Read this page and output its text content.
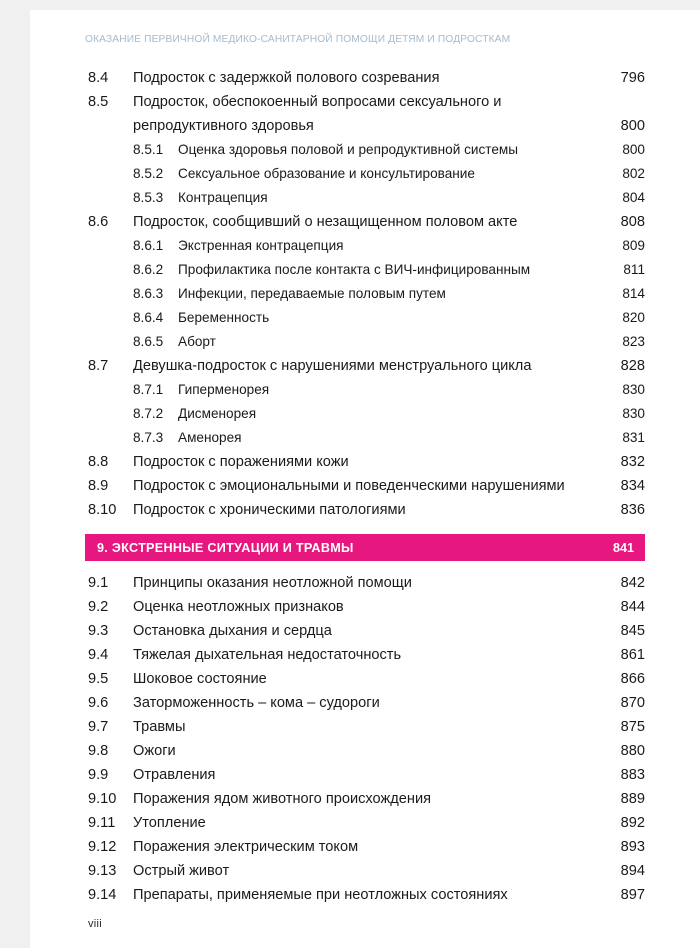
ОКАЗАНИЕ ПЕРВИЧНОЙ МЕДИКО-САНИТАРНОЙ ПОМОЩИ ДЕТЯМ И ПОДРОСТКАМ
8.4	Подросток с задержкой полового созревания	796
8.5	Подросток, обеспокоенный вопросами сексуального и репродуктивного здоровья	800
8.5.1	Оценка здоровья половой и репродуктивной системы	800
8.5.2	Сексуальное образование и консультирование	802
8.5.3	Контрацепция	804
8.6	Подросток, сообщивший о незащищенном половом акте	808
8.6.1	Экстренная контрацепция	809
8.6.2	Профилактика после контакта с ВИЧ-инфицированным	811
8.6.3	Инфекции, передаваемые половым путем	814
8.6.4	Беременность	820
8.6.5	Аборт	823
8.7	Девушка-подросток с нарушениями менструального цикла	828
8.7.1	Гиперменорея	830
8.7.2	Дисменорея	830
8.7.3	Аменорея	831
8.8	Подросток с поражениями кожи	832
8.9	Подросток с эмоциональными и поведенческими нарушениями	834
8.10	Подросток с хроническими патологиями	836
9. ЭКСТРЕННЫЕ СИТУАЦИИ И ТРАВМЫ	841
9.1	Принципы оказания неотложной помощи	842
9.2	Оценка неотложных признаков	844
9.3	Остановка дыхания и сердца	845
9.4	Тяжелая дыхательная недостаточность	861
9.5	Шоковое состояние	866
9.6	Заторможенность – кома – судороги	870
9.7	Травмы	875
9.8	Ожоги	880
9.9	Отравления	883
9.10	Поражения ядом животного происхождения	889
9.11	Утопление	892
9.12	Поражения электрическим током	893
9.13	Острый живот	894
9.14	Препараты, применяемые при неотложных состояниях	897
viii
